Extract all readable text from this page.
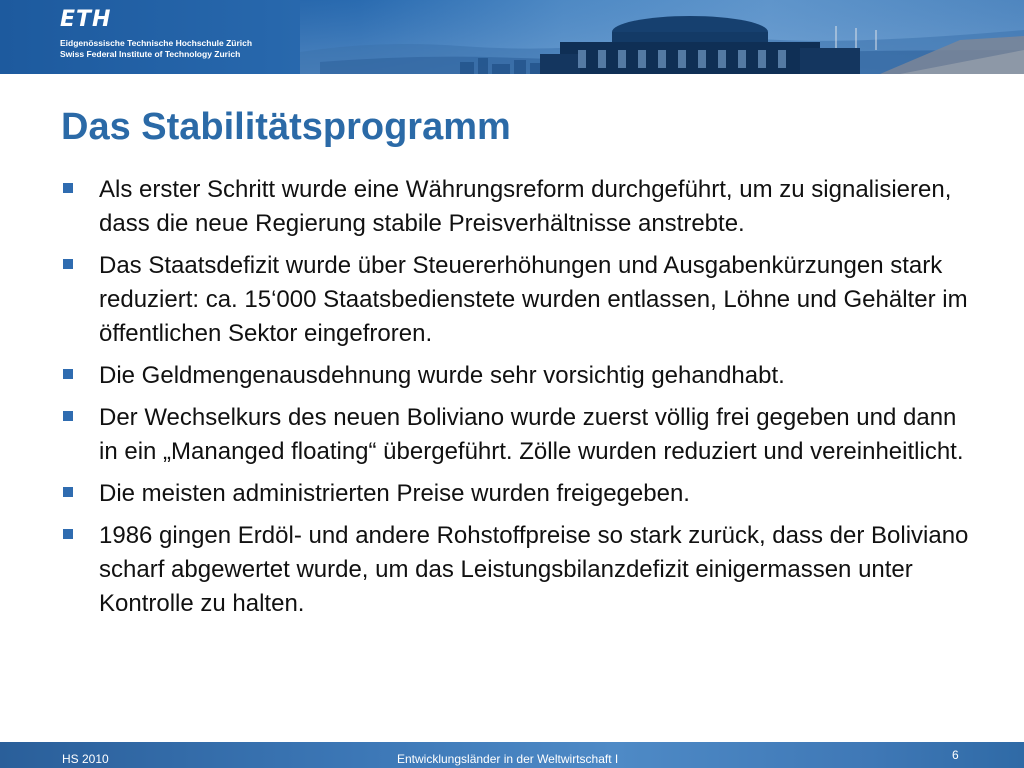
ETH
Eidgenössische Technische Hochschule Zürich
Swiss Federal Institute of Technology Zurich
Das Stabilitätsprogramm
Als erster Schritt wurde eine Währungsreform durchgeführt, um zu signalisieren, dass die neue Regierung stabile Preisverhältnisse anstrebte.
Das Staatsdefizit wurde über Steuererhöhungen und Ausgabenkürzungen stark reduziert: ca. 15‘000 Staatsbedienstete wurden entlassen, Löhne und Gehälter im öffentlichen Sektor eingefroren.
Die Geldmengenausdehnung wurde sehr vorsichtig gehandhabt.
Der Wechselkurs des neuen Boliviano wurde zuerst völlig frei gegeben und dann in ein „Mananged floating“ übergeführt. Zölle wurden reduziert und vereinheitlicht.
Die meisten administrierten Preise wurden freigegeben.
1986 gingen Erdöl- und andere Rohstoffpreise so stark zurück, dass der Boliviano scharf abgewertet wurde, um das Leistungsbilanzdefizit einigermassen unter Kontrolle zu halten.
HS 2010	Entwicklungsländer in der Weltwirtschaft I	6
